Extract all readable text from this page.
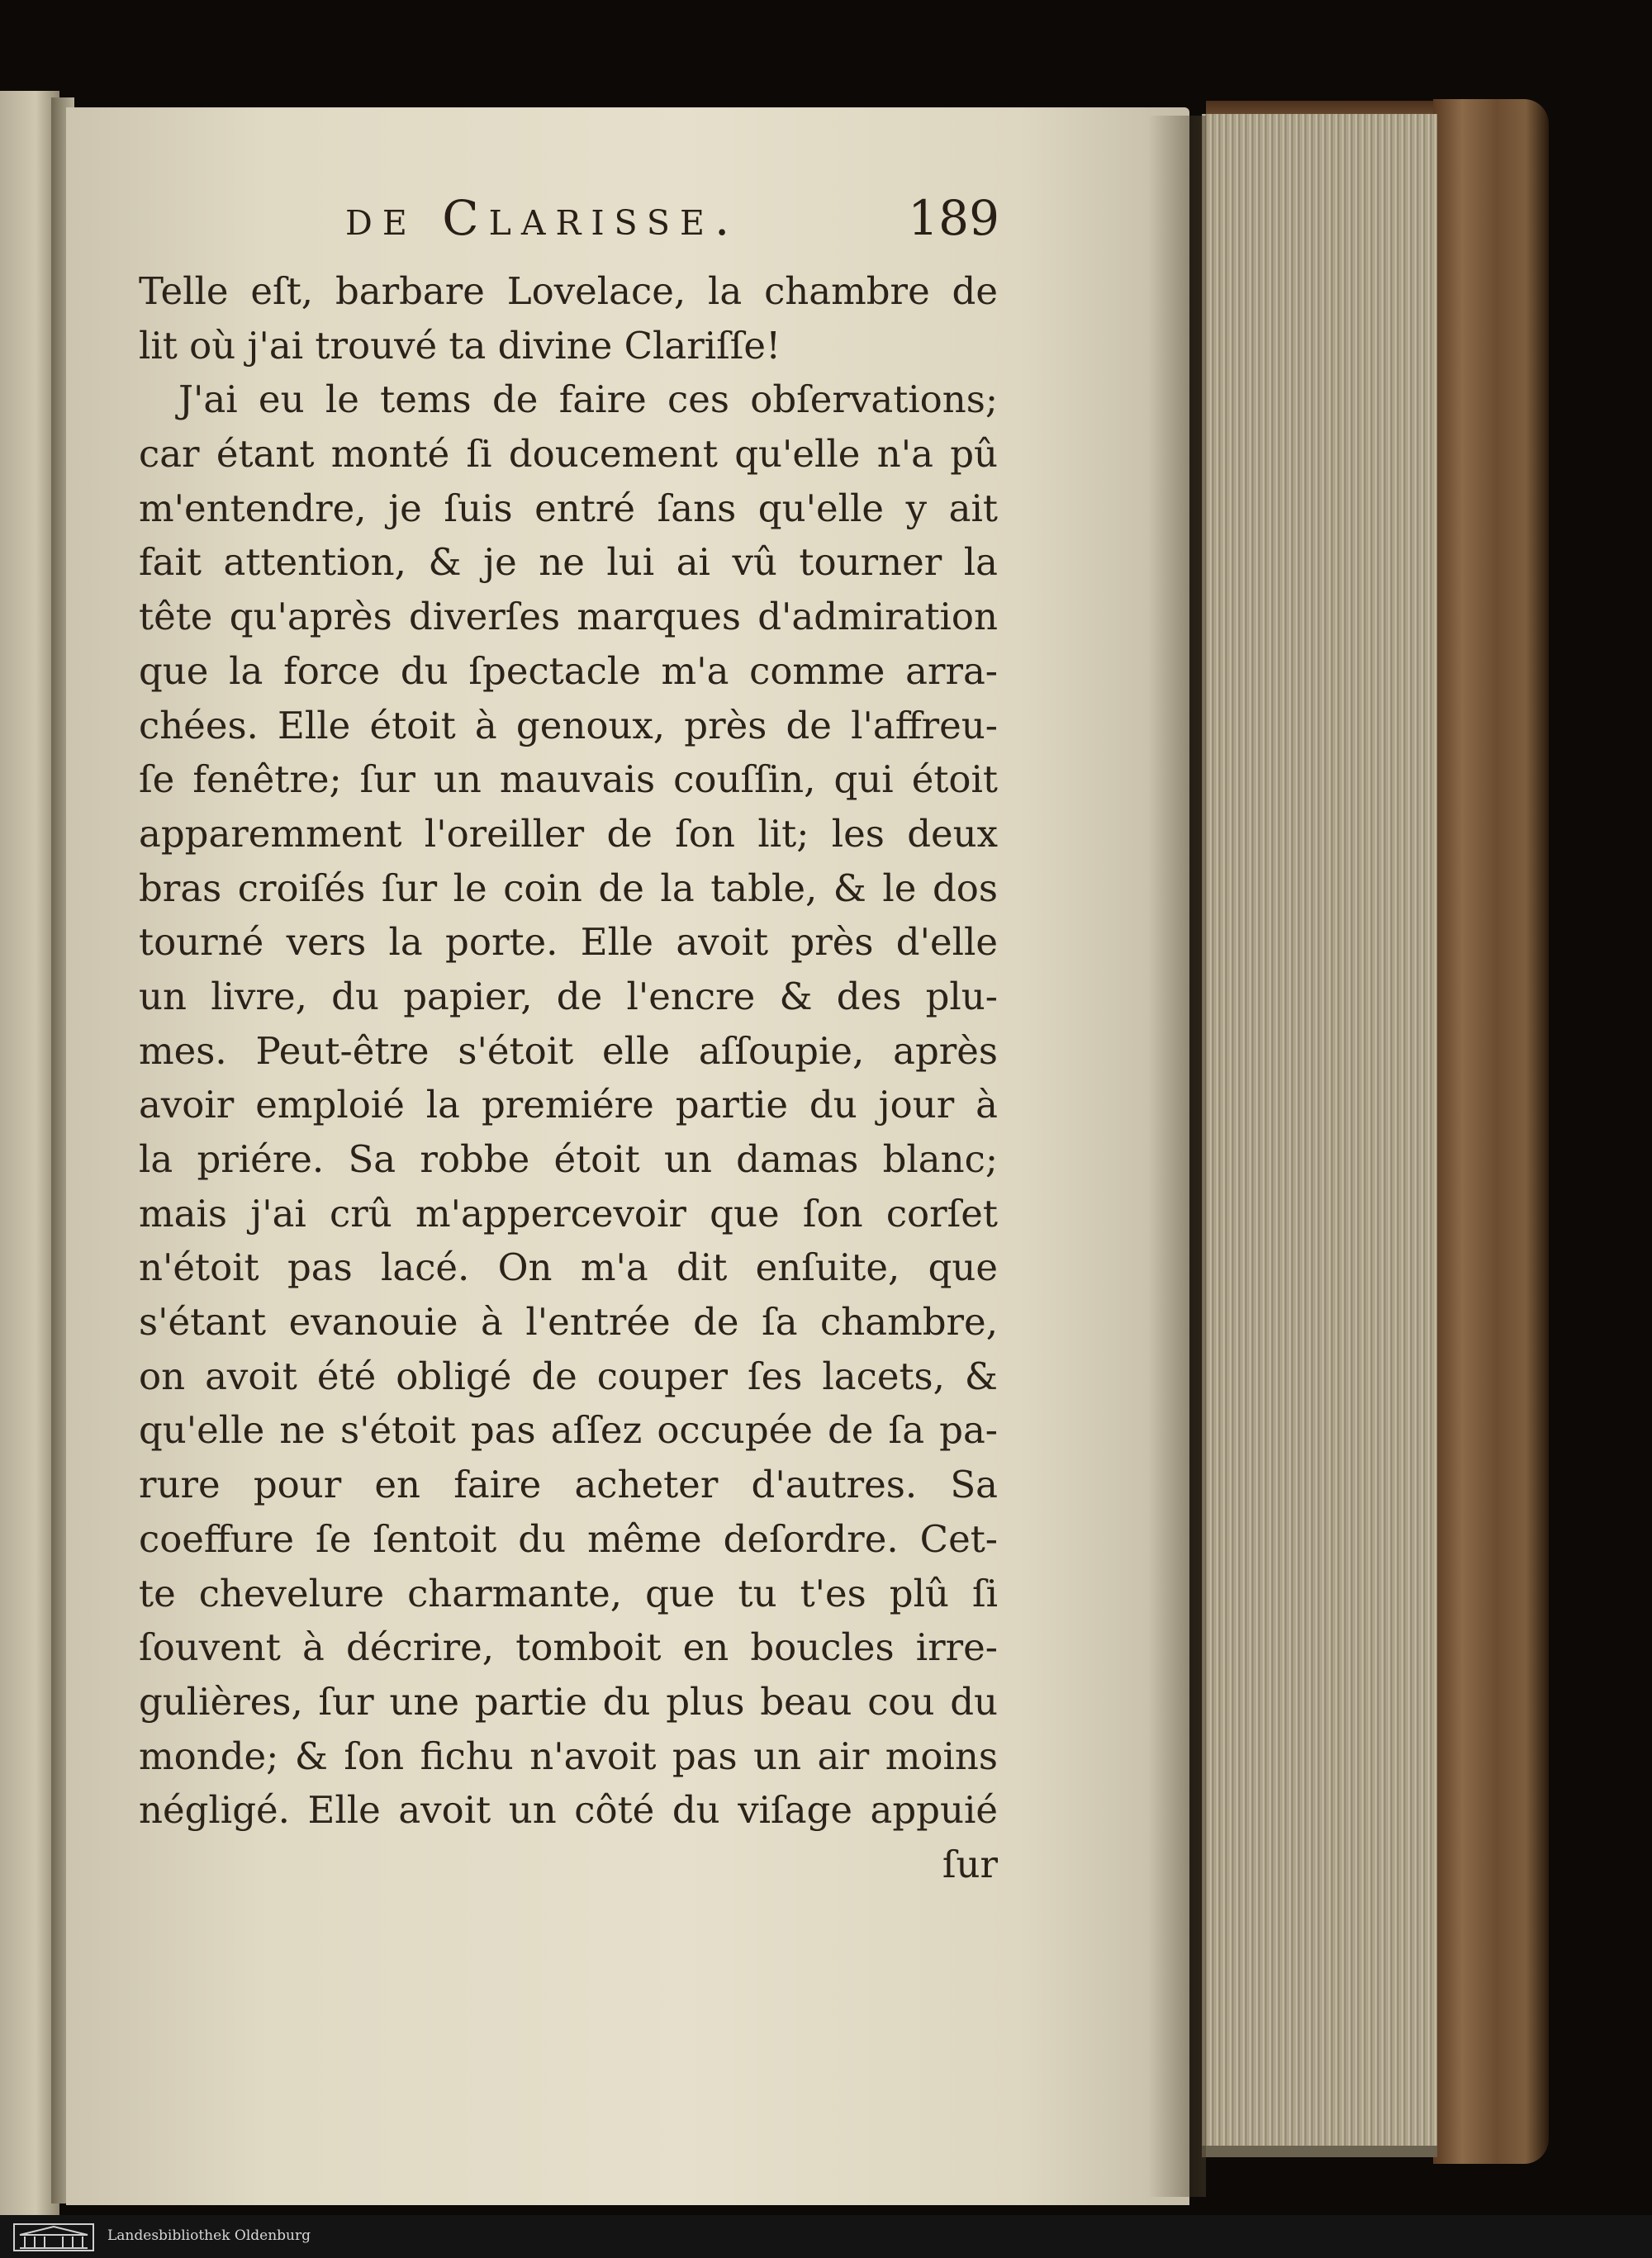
de Clarisse.	189
Telle eſt, barbare Lovelace, la chambre de
lit où j'ai trouvé ta divine Clariſſe!
J'ai eu le tems de faire ces obſervations;
car étant monté ſi doucement qu'elle n'a pû
m'entendre, je ſuis entré ſans qu'elle y ait
fait attention, & je ne lui ai vû tourner la
tête qu'après diverſes marques d'admiration
que la force du ſpectacle m'a comme arra-
chées. Elle étoit à genoux, près de l'affreu-
ſe fenêtre; ſur un mauvais couſſin, qui étoit
apparemment l'oreiller de ſon lit; les deux
bras croiſés ſur le coin de la table, & le dos
tourné vers la porte. Elle avoit près d'elle
un livre, du papier, de l'encre & des plu-
mes. Peut-être s'étoit elle aſſoupie, après
avoir emploié la premiére partie du jour à
la priére. Sa robbe étoit un damas blanc;
mais j'ai crû m'appercevoir que ſon corſet
n'étoit pas lacé. On m'a dit enſuite, que
s'étant evanouie à l'entrée de ſa chambre,
on avoit été obligé de couper ſes lacets, &
qu'elle ne s'étoit pas aſſez occupée de ſa pa-
rure pour en faire acheter d'autres. Sa
coeffure ſe ſentoit du même deſordre. Cet-
te chevelure charmante, que tu t'es plû ſi
ſouvent à décrire, tomboit en boucles irre-
gulières, ſur une partie du plus beau cou du
monde; & ſon fichu n'avoit pas un air moins
négligé. Elle avoit un côté du viſage appuié
ſur
Landesbibliothek Oldenburg
